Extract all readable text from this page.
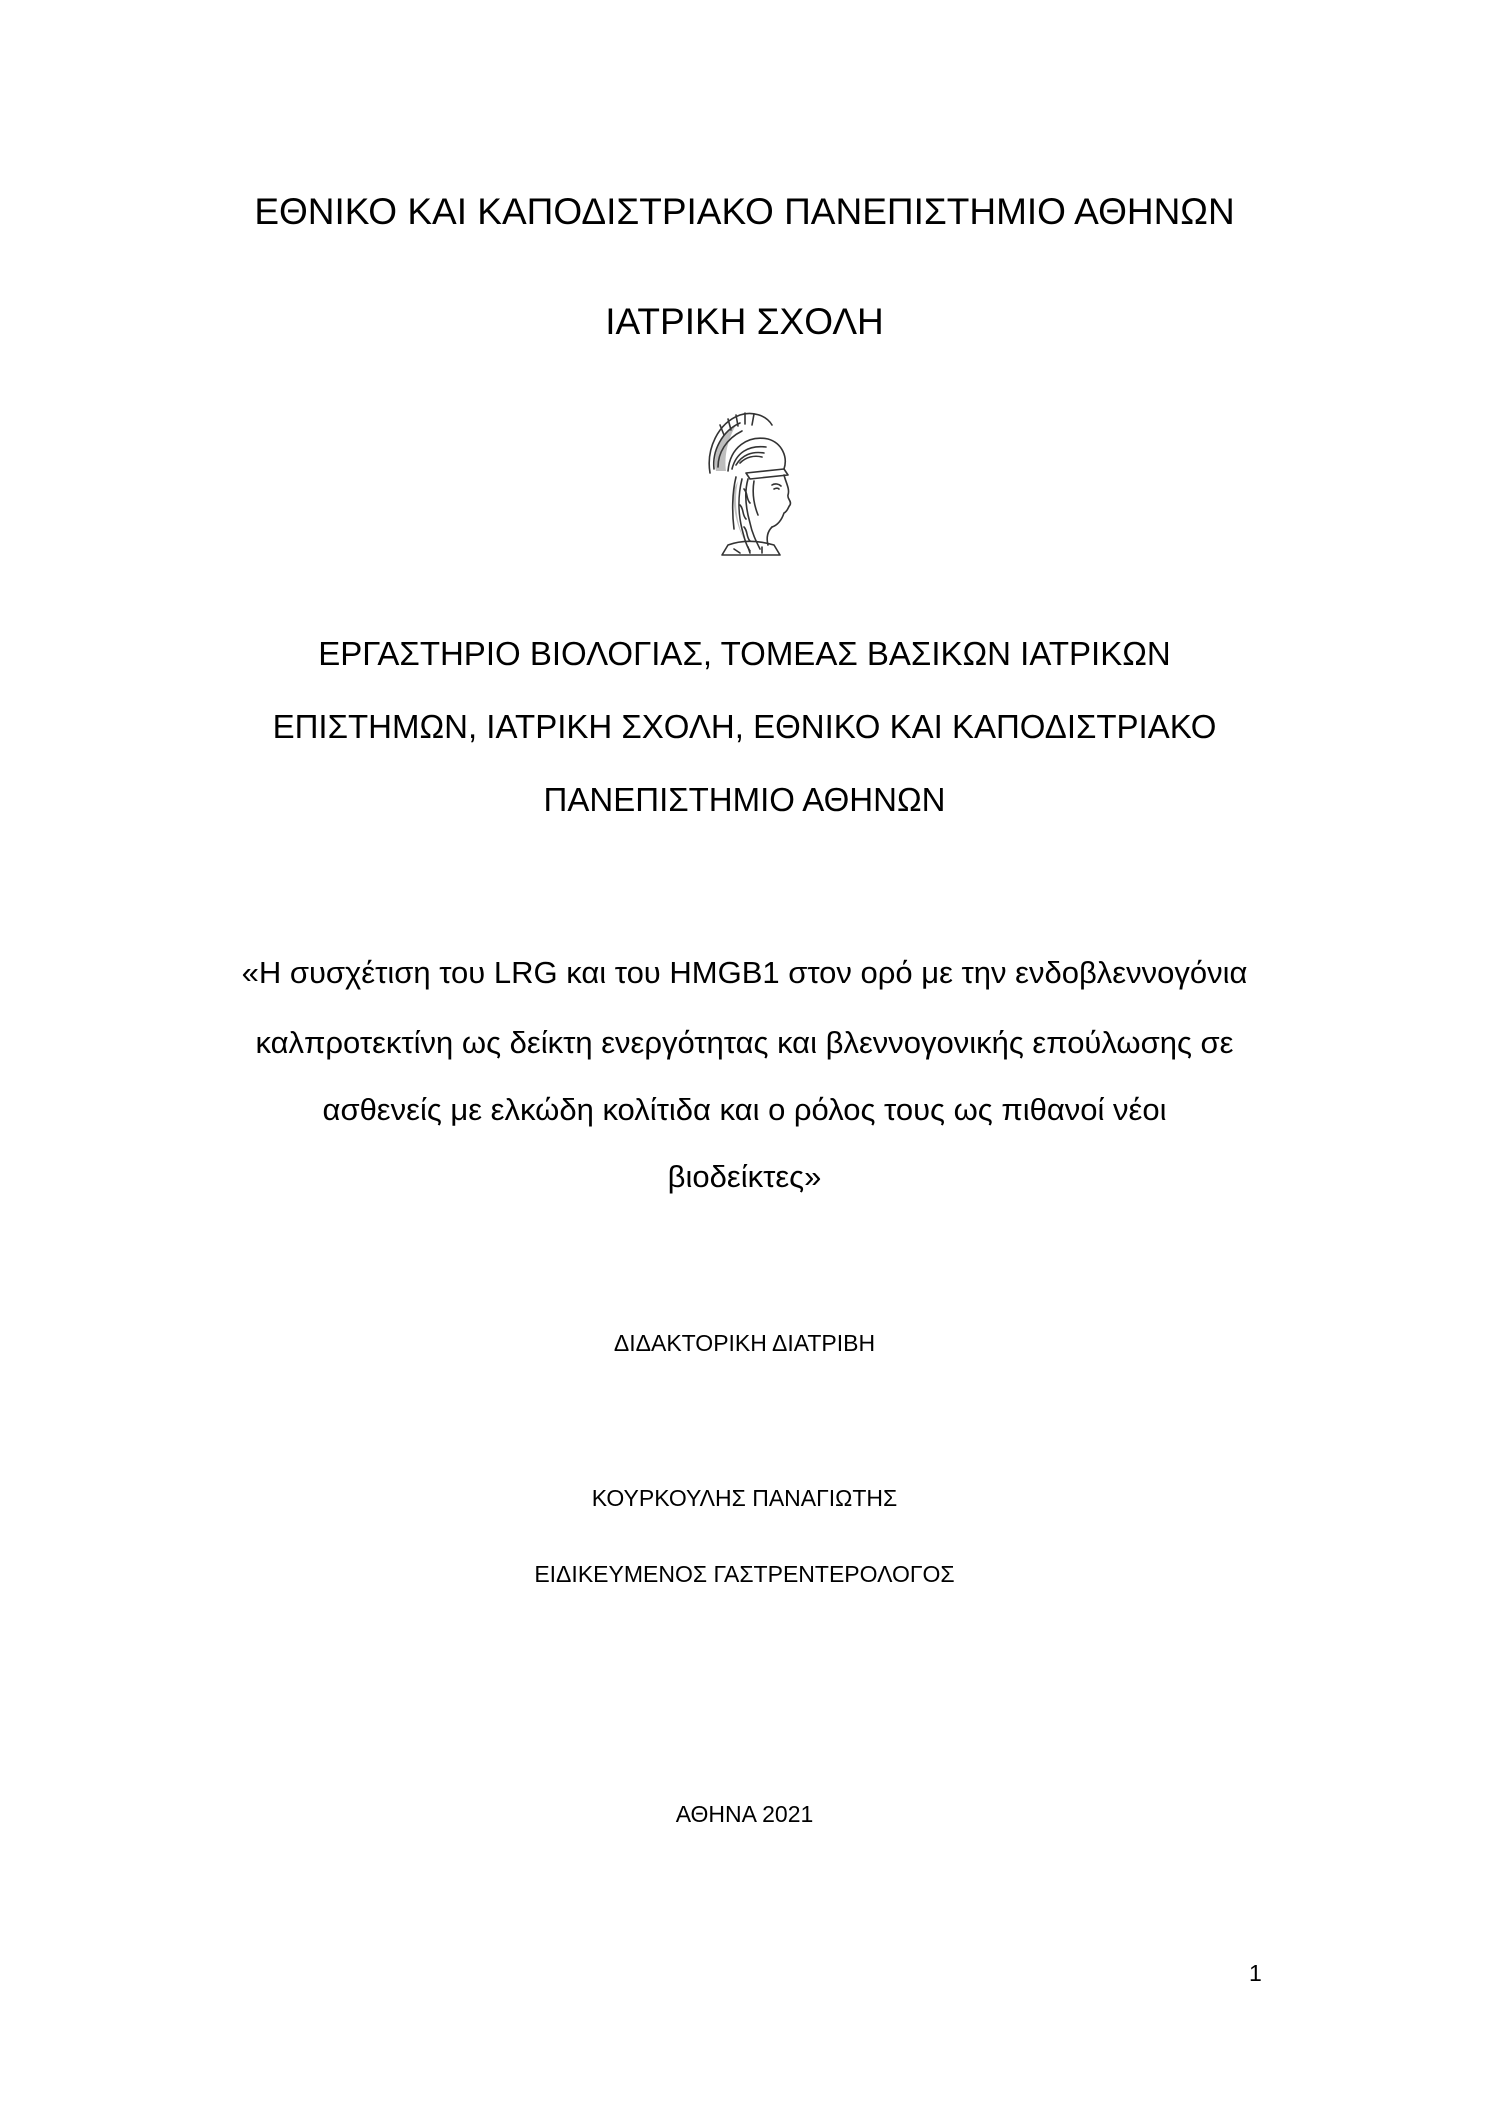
ΕΘΝΙΚΟ ΚΑΙ ΚΑΠΟΔΙΣΤΡΙΑΚΟ ΠΑΝΕΠΙΣΤΗΜΙΟ ΑΘΗΝΩΝ
ΙΑΤΡΙΚΗ ΣΧΟΛΗ
ΕΡΓΑΣΤΗΡΙΟ ΒΙΟΛΟΓΙΑΣ, ΤΟΜΕΑΣ ΒΑΣΙΚΩΝ ΙΑΤΡΙΚΩΝ
ΕΠΙΣΤΗΜΩΝ, ΙΑΤΡΙΚΗ ΣΧΟΛΗ, ΕΘΝΙΚΟ ΚΑΙ ΚΑΠΟΔΙΣΤΡΙΑΚΟ
ΠΑΝΕΠΙΣΤΗΜΙΟ ΑΘΗΝΩΝ
«Η συσχέτιση του LRG και του HMGB1 στον ορό με την ενδοβλεννογόνια
καλπροτεκτίνη ως δείκτη ενεργότητας και βλεννογονικής επούλωσης σε
ασθενείς με ελκώδη κολίτιδα και ο ρόλος τους ως πιθανοί νέοι
βιοδείκτες»
ΔΙΔΑΚΤΟΡΙΚΗ ΔΙΑΤΡΙΒΗ
ΚΟΥΡΚΟΥΛΗΣ ΠΑΝΑΓΙΩΤΗΣ
ΕΙΔΙΚΕΥΜΕΝΟΣ ΓΑΣΤΡΕΝΤΕΡΟΛΟΓΟΣ
ΑΘΗΝΑ 2021
1
